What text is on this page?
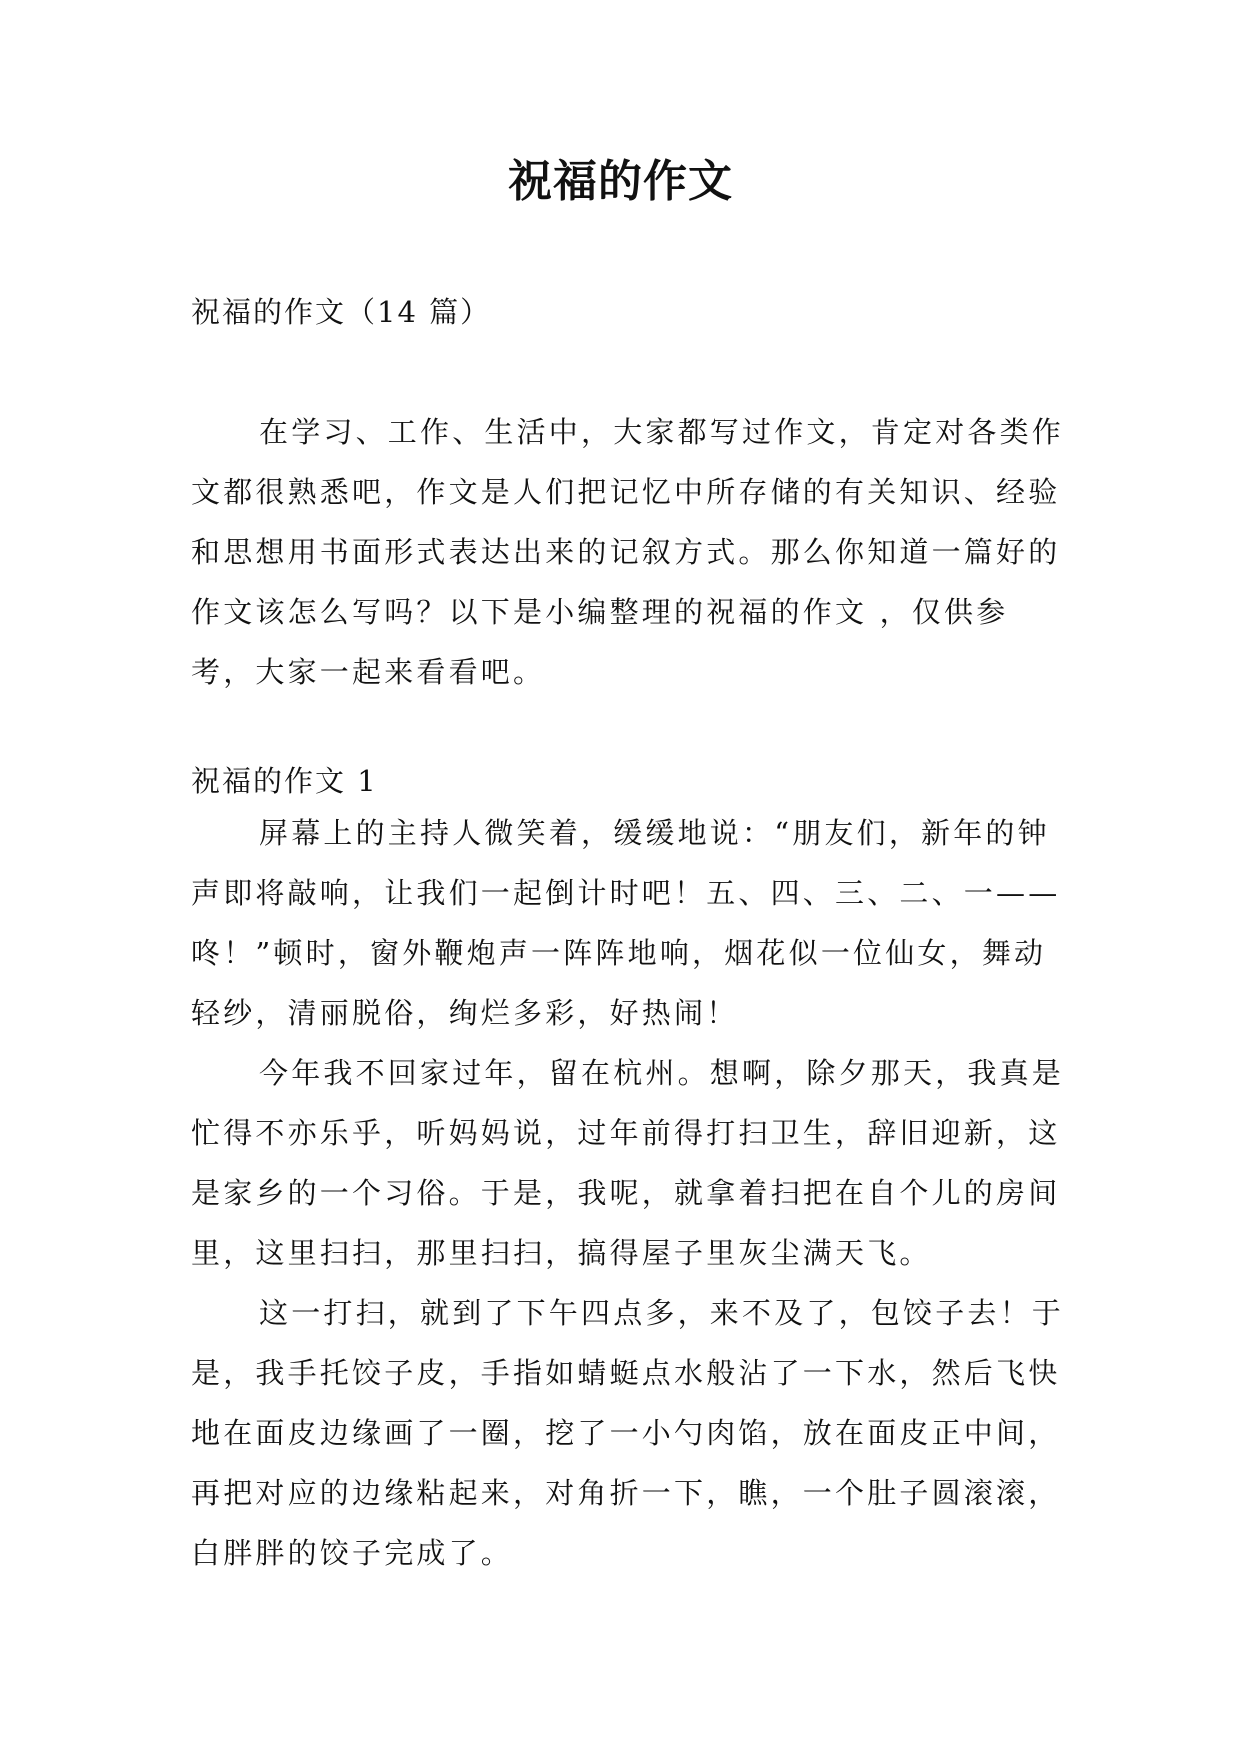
祝福的作文
祝福的作文（14 篇）

在学习、工作、生活中，大家都写过作文，肯定对各类作文都很熟悉吧，作文是人们把记忆中所存储的有关知识、经验和思想用书面形式表达出来的记叙方式。那么你知道一篇好的作文该怎么写吗？以下是小编整理的祝福的作文 ，仅供参考，大家一起来看看吧。

祝福的作文 1

屏幕上的主持人微笑着，缓缓地说：“朋友们，新年的钟声即将敲响，让我们一起倒计时吧！五、四、三、二、一——咚！”顿时，窗外鞭炮声一阵阵地响，烟花似一位仙女，舞动轻纱，清丽脱俗，绚烂多彩，好热闹！

今年我不回家过年，留在杭州。想啊，除夕那天，我真是忙得不亦乐乎，听妈妈说，过年前得打扫卫生，辞旧迎新，这是家乡的一个习俗。于是，我呢，就拿着扫把在自个儿的房间里，这里扫扫，那里扫扫，搞得屋子里灰尘满天飞。

这一打扫，就到了下午四点多，来不及了，包饺子去！于是，我手托饺子皮，手指如蜻蜓点水般沾了一下水，然后飞快地在面皮边缘画了一圈，挖了一小勺肉馅，放在面皮正中间，再把对应的边缘粘起来，对角折一下，瞧，一个肚子圆滚滚，白胖胖的饺子完成了。
